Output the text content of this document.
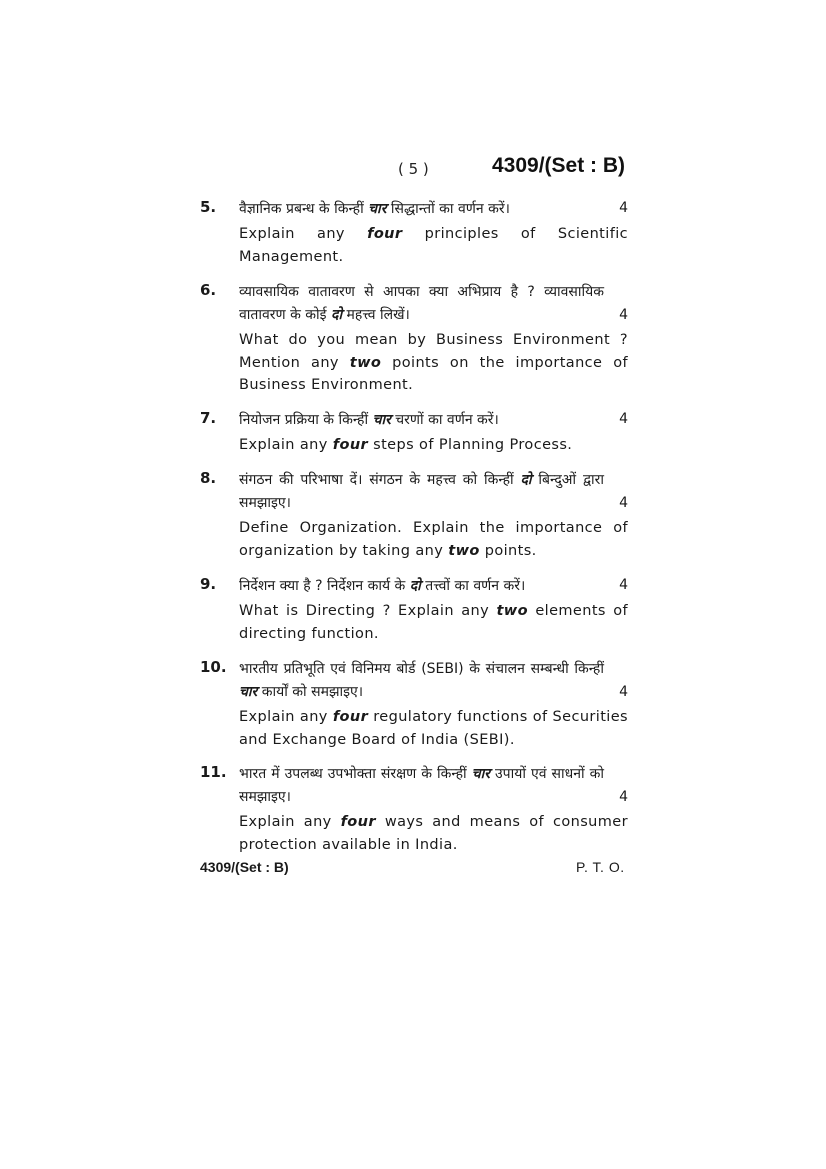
( 5 )	4309/(Set : B)
5.	वैज्ञानिक प्रबन्ध के किन्हीं चार सिद्धान्तों का वर्णन करें।	4
Explain any four principles of Scientific Management.
6.	व्यावसायिक वातावरण से आपका क्या अभिप्राय है ? व्यावसायिक वातावरण के कोई दो महत्त्व लिखें।	4
What do you mean by Business Environment ? Mention any two points on the importance of Business Environment.
7.	नियोजन प्रक्रिया के किन्हीं चार चरणों का वर्णन करें।	4
Explain any four steps of Planning Process.
8.	संगठन की परिभाषा दें। संगठन के महत्त्व को किन्हीं दो बिन्दुओं द्वारा समझाइए।	4
Define Organization. Explain the importance of organization by taking any two points.
9.	निर्देशन क्या है ? निर्देशन कार्य के दो तत्त्वों का वर्णन करें।	4
What is Directing ? Explain any two elements of directing function.
10. भारतीय प्रतिभूति एवं विनिमय बोर्ड (SEBI) के संचालन सम्बन्धी किन्हीं चार कार्यों को समझाइए।	4
Explain any four regulatory functions of Securities and Exchange Board of India (SEBI).
11. भारत में उपलब्ध उपभोक्ता संरक्षण के किन्हीं चार उपायों एवं साधनों को समझाइए।	4
Explain any four ways and means of consumer protection available in India.
4309/(Set : B)	P. T. O.
